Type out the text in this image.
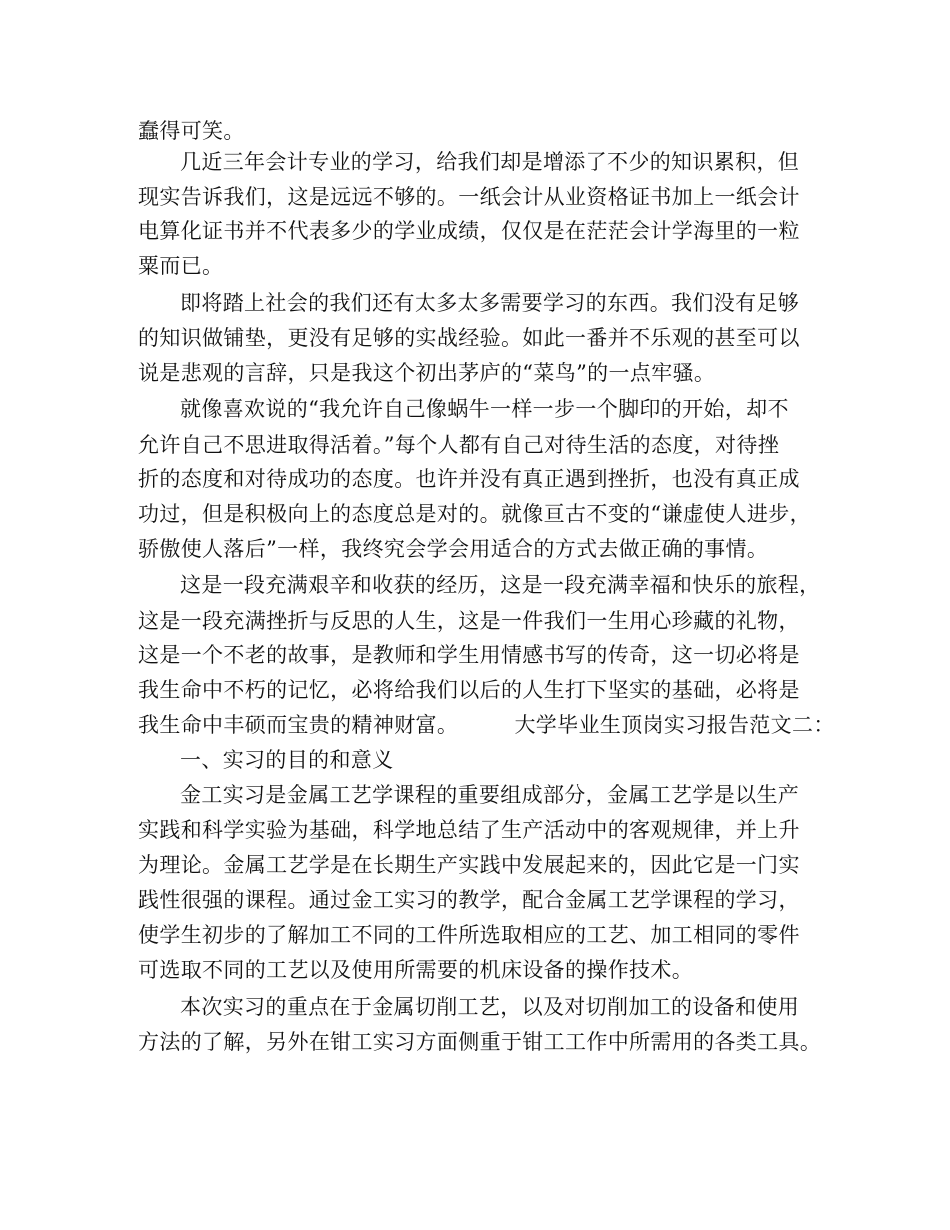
蠢得可笑。
几近三年会计专业的学习，给我们却是增添了不少的知识累积，但
现实告诉我们，这是远远不够的。一纸会计从业资格证书加上一纸会计
电算化证书并不代表多少的学业成绩，仅仅是在茫茫会计学海里的一粒
粟而已。
即将踏上社会的我们还有太多太多需要学习的东西。我们没有足够
的知识做铺垫，更没有足够的实战经验。如此一番并不乐观的甚至可以
说是悲观的言辞，只是我这个初出茅庐的“菜鸟”的一点牢骚。
就像喜欢说的“我允许自己像蜗牛一样一步一个脚印的开始，却不
允许自己不思进取得活着。”每个人都有自己对待生活的态度，对待挫
折的态度和对待成功的态度。也许并没有真正遇到挫折，也没有真正成
功过，但是积极向上的态度总是对的。就像亘古不变的“谦虚使人进步，
骄傲使人落后”一样，我终究会学会用适合的方式去做正确的事情。
这是一段充满艰辛和收获的经历，这是一段充满幸福和快乐的旅程，
这是一段充满挫折与反思的人生，这是一件我们一生用心珍藏的礼物，
这是一个不老的故事，是教师和学生用情感书写的传奇，这一切必将是
我生命中不朽的记忆，必将给我们以后的人生打下坚实的基础，必将是
我生命中丰硕而宝贵的精神财富。        大学毕业生顶岗实习报告范文二：
一、实习的目的和意义
金工实习是金属工艺学课程的重要组成部分，金属工艺学是以生产
实践和科学实验为基础，科学地总结了生产活动中的客观规律，并上升
为理论。金属工艺学是在长期生产实践中发展起来的，因此它是一门实
践性很强的课程。通过金工实习的教学，配合金属工艺学课程的学习，
使学生初步的了解加工不同的工件所选取相应的工艺、加工相同的零件
可选取不同的工艺以及使用所需要的机床设备的操作技术。
本次实习的重点在于金属切削工艺，以及对切削加工的设备和使用
方法的了解，另外在钳工实习方面侧重于钳工工作中所需用的各类工具。
